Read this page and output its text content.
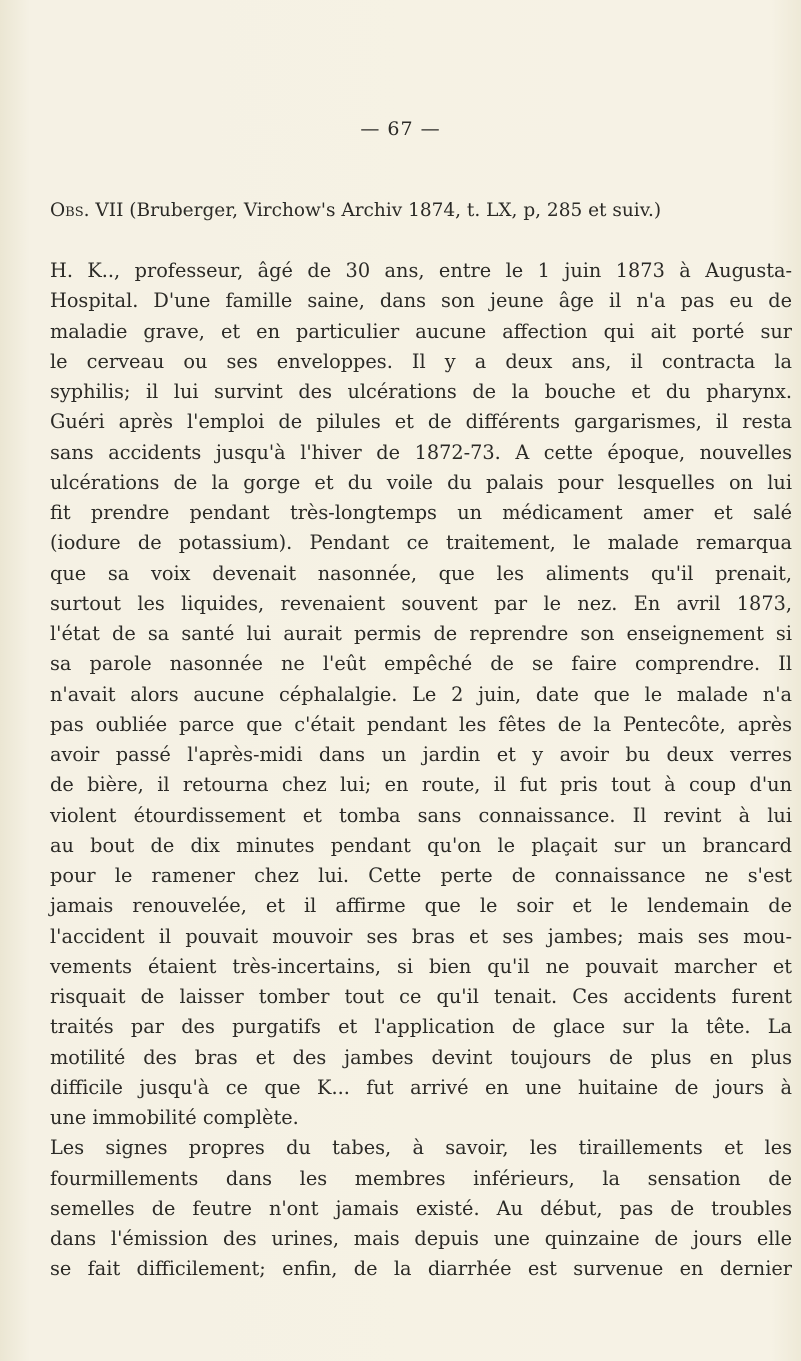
— 67 —
Obs. VII (Bruberger, Virchow's Archiv 1874, t. LX, p, 285 et suiv.)
H. K.., professeur, âgé de 30 ans, entre le 1 juin 1873 à Augusta-
Hospital. D'une famille saine, dans son jeune âge il n'a pas eu de
maladie grave, et en particulier aucune affection qui ait porté sur
le cerveau ou ses enveloppes. Il y a deux ans, il contracta la
syphilis; il lui survint des ulcérations de la bouche et du pharynx.
Guéri après l'emploi de pilules et de différents gargarismes, il resta
sans accidents jusqu'à l'hiver de 1872-73. A cette époque, nouvelles
ulcérations de la gorge et du voile du palais pour lesquelles on lui
fit prendre pendant très-longtemps un médicament amer et salé
(iodure de potassium). Pendant ce traitement, le malade remarqua
que sa voix devenait nasonnée, que les aliments qu'il prenait,
surtout les liquides, revenaient souvent par le nez. En avril 1873,
l'état de sa santé lui aurait permis de reprendre son enseignement si
sa parole nasonnée ne l'eût empêché de se faire comprendre. Il
n'avait alors aucune céphalalgie. Le 2 juin, date que le malade n'a
pas oubliée parce que c'était pendant les fêtes de la Pentecôte, après
avoir passé l'après-midi dans un jardin et y avoir bu deux verres
de bière, il retourna chez lui; en route, il fut pris tout à coup d'un
violent étourdissement et tomba sans connaissance. Il revint à lui
au bout de dix minutes pendant qu'on le plaçait sur un brancard
pour le ramener chez lui. Cette perte de connaissance ne s'est
jamais renouvelée, et il affirme que le soir et le lendemain de
l'accident il pouvait mouvoir ses bras et ses jambes; mais ses mou-
vements étaient très-incertains, si bien qu'il ne pouvait marcher et
risquait de laisser tomber tout ce qu'il tenait. Ces accidents furent
traités par des purgatifs et l'application de glace sur la tête. La
motilité des bras et des jambes devint toujours de plus en plus
difficile jusqu'à ce que K... fut arrivé en une huitaine de jours à
une immobilité complète.
Les signes propres du tabes, à savoir, les tiraillements et les
fourmillements dans les membres inférieurs, la sensation de
semelles de feutre n'ont jamais existé. Au début, pas de troubles
dans l'émission des urines, mais depuis une quinzaine de jours elle
se fait difficilement; enfin, de la diarrhée est survenue en dernier
